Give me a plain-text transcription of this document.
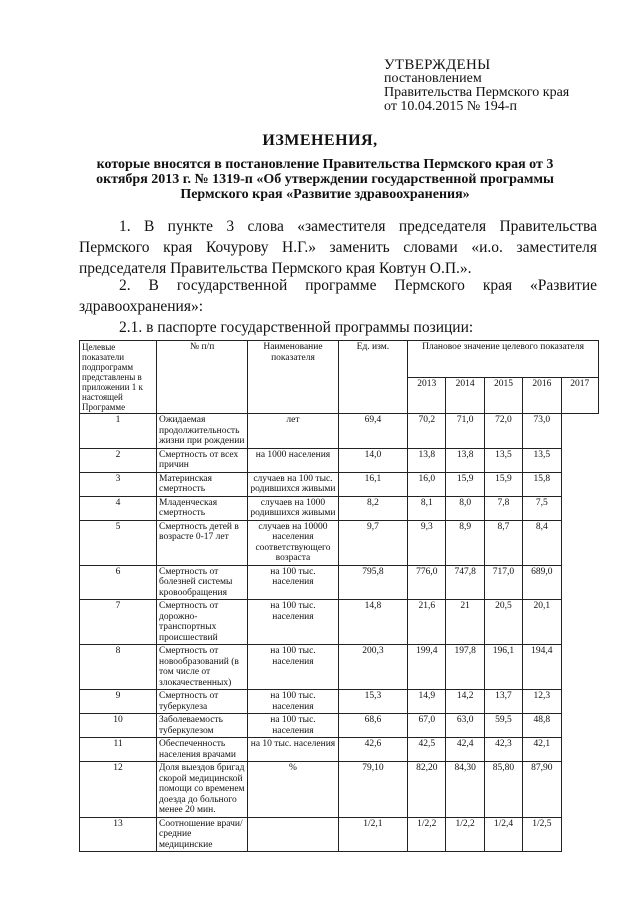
УТВЕРЖДЕНЫ
постановлением
Правительства Пермского края
от 10.04.2015 № 194-п
ИЗМЕНЕНИЯ,
которые вносятся в постановление Правительства Пермского края от 3 октября 2013 г. № 1319-п «Об утверждении государственной программы Пермского края «Развитие здравоохранения»
1. В пункте 3 слова «заместителя председателя Правительства Пермского края Кочурову Н.Г.» заменить словами «и.о. заместителя председателя Правительства Пермского края Ковтун О.П.».
2. В государственной программе Пермского края «Развитие здравоохранения»:
2.1. в паспорте государственной программы позиции:
Целевые показатели подпрограмм представлены в приложении 1 к настоящей Программе	№ п/п	Наименование показателя	Ед. изм.	Плановое значение целевого показателя				
				2013	2014	2015	2016	2017
1	Ожидаемая продолжительность жизни при рождении	лет	69,4	70,2	71,0	72,0	73,0	
2	Смертность от всех причин	на 1000 населения	14,0	13,8	13,8	13,5	13,5	
3	Материнская смертность	случаев на 100 тыс. родившихся живыми	16,1	16,0	15,9	15,9	15,8	
4	Младенческая смертность	случаев на 1000 родившихся живыми	8,2	8,1	8,0	7,8	7,5	
5	Смертность детей в возрасте 0-17 лет	случаев на 10000 населения соответствующего возраста	9,7	9,3	8,9	8,7	8,4	
6	Смертность от болезней системы кровообращения	на 100 тыс. населения	795,8	776,0	747,8	717,0	689,0	
7	Смертность от дорожно-транспортных происшествий	на 100 тыс. населения	14,8	21,6	21	20,5	20,1	
8	Смертность от новообразований (в том числе от злокачественных)	на 100 тыс. населения	200,3	199,4	197,8	196,1	194,4	
9	Смертность от туберкулеза	на 100 тыс. населения	15,3	14,9	14,2	13,7	12,3	
10	Заболеваемость туберкулезом	на 100 тыс. населения	68,6	67,0	63,0	59,5	48,8	
11	Обеспеченность населения врачами	на 10 тыс. населения	42,6	42,5	42,4	42,3	42,1	
12	Доля выездов бригад скорой медицинской помощи со временем доезда до больного менее 20 мин.	%	79,10	82,20	84,30	85,80	87,90	
13	Соотношение врачи/средние медицинские		1/2,1	1/2,2	1/2,2	1/2,4	1/2,5	
